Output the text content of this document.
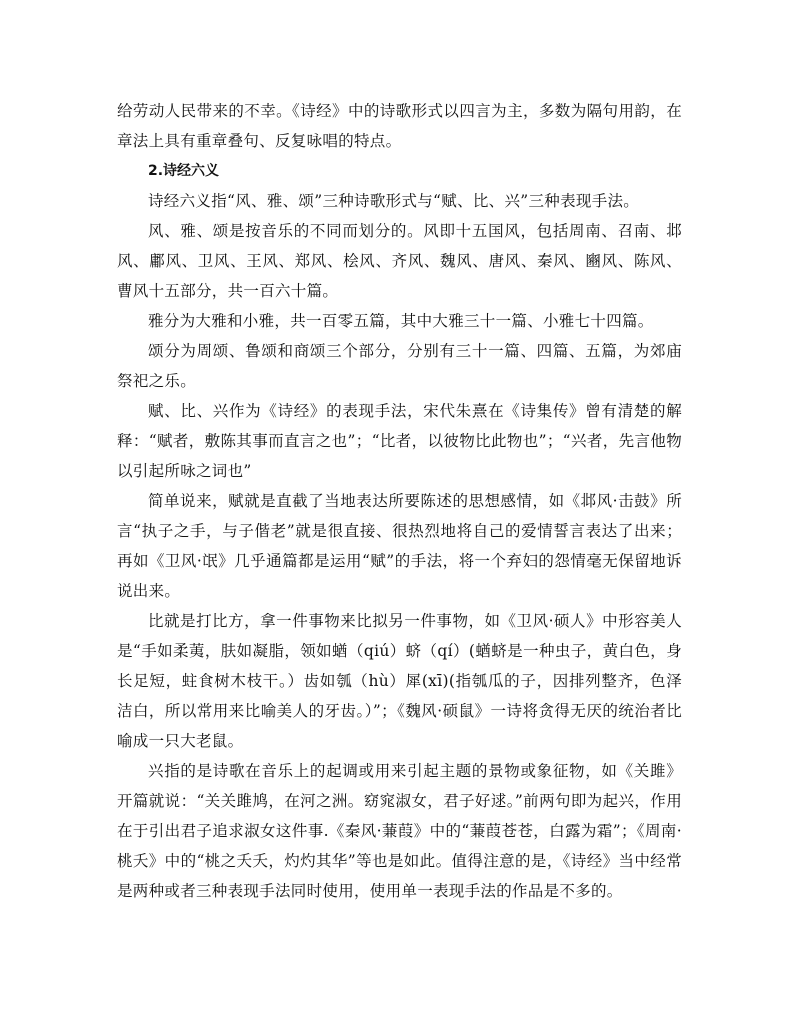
给劳动人民带来的不幸。《诗经》中的诗歌形式以四言为主，多数为隔句用韵，在章法上具有重章叠句、反复咏唱的特点。

2.诗经六义

诗经六义指“风、雅、颂”三种诗歌形式与“赋、比、兴”三种表现手法。

风、雅、颂是按音乐的不同而划分的。风即十五国风，包括周南、召南、邶风、鄘风、卫风、王风、郑风、桧风、齐风、魏风、唐风、秦风、豳风、陈风、曹风十五部分，共一百六十篇。

雅分为大雅和小雅，共一百零五篇，其中大雅三十一篇、小雅七十四篇。

颂分为周颂、鲁颂和商颂三个部分，分别有三十一篇、四篇、五篇，为郊庙祭祀之乐。

赋、比、兴作为《诗经》的表现手法，宋代朱熹在《诗集传》曾有清楚的解释：“赋者，敷陈其事而直言之也”；“比者，以彼物比此物也”；“兴者，先言他物以引起所咏之词也”

简单说来，赋就是直截了当地表达所要陈述的思想感情，如《邶风·击鼓》所言“执子之手，与子偕老”就是很直接、很热烈地将自己的爱情誓言表达了出来；再如《卫风·氓》几乎通篇都是运用“赋”的手法，将一个弃妇的怨情毫无保留地诉说出来。

比就是打比方，拿一件事物来比拟另一件事物，如《卫风·硕人》中形容美人是“手如柔荑，肤如凝脂，领如蝤（qiú）蛴（qí）(蝤蛴是一种虫子，黄白色，身长足短，蛀食树木枝干。）齿如瓠（hù）犀(xī)(指瓠瓜的子，因排列整齐，色泽洁白，所以常用来比喻美人的牙齿。）”；《魏风·硕鼠》一诗将贪得无厌的统治者比喻成一只大老鼠。

兴指的是诗歌在音乐上的起调或用来引起主题的景物或象征物，如《关雎》开篇就说：“关关雎鸠，在河之洲。窈窕淑女，君子好逑。”前两句即为起兴，作用在于引出君子追求淑女这件事.《秦风·蒹葭》中的“蒹葭苍苍，白露为霜”；《周南·桃夭》中的“桃之夭夭，灼灼其华”等也是如此。值得注意的是，《诗经》当中经常是两种或者三种表现手法同时使用，使用单一表现手法的作品是不多的。
